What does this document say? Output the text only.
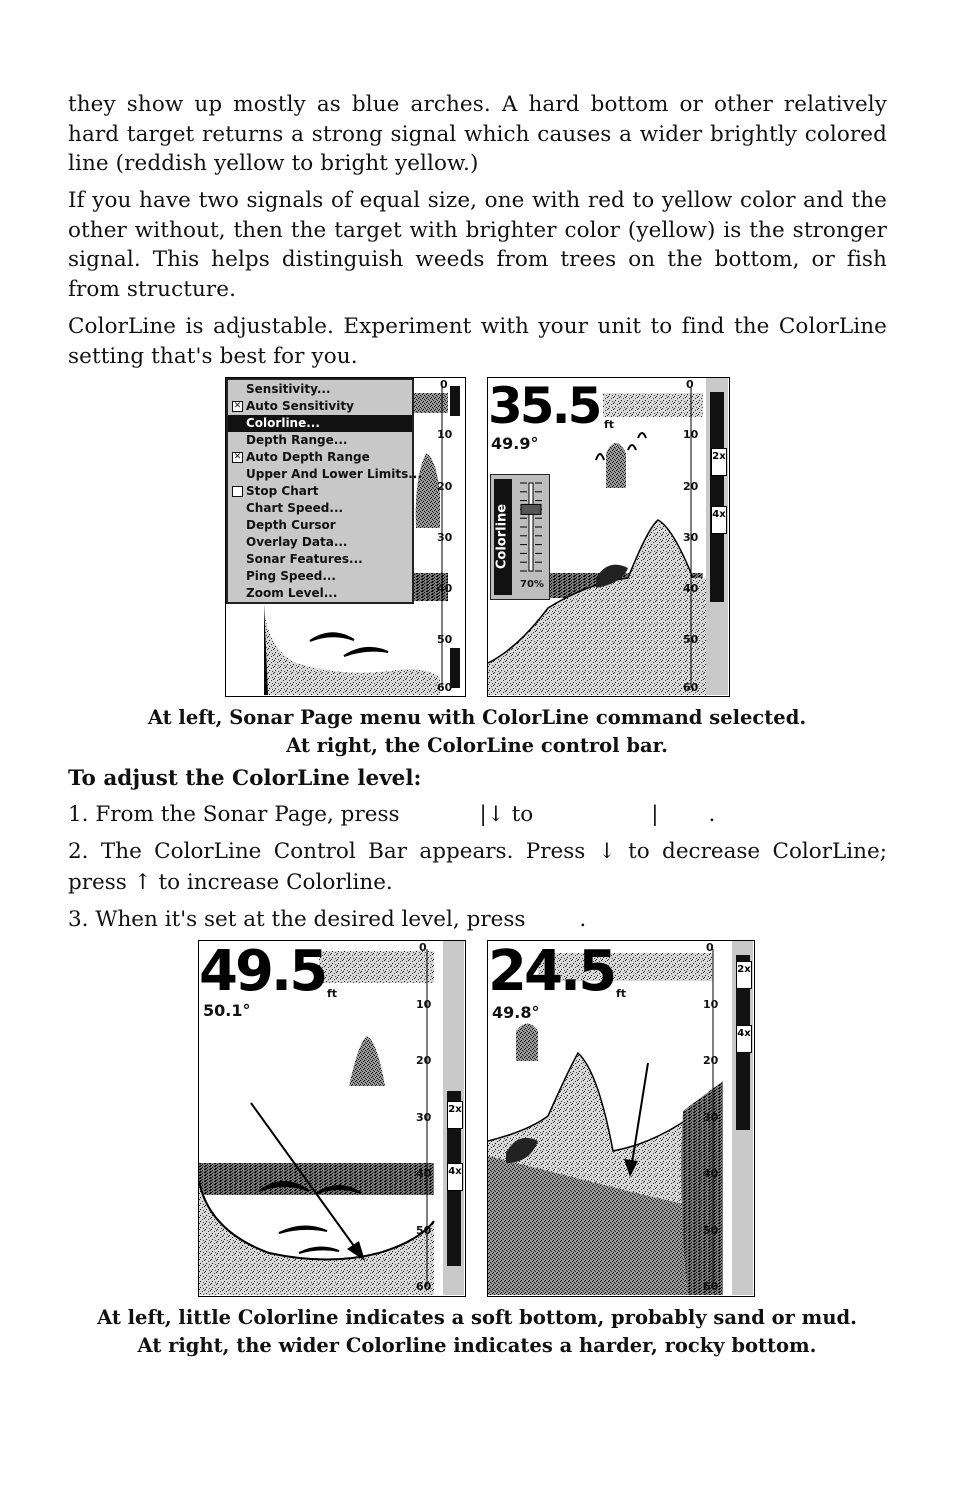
they show up mostly as blue arches. A hard bottom or other relatively hard target returns a strong signal which causes a wider brightly colored line (reddish yellow to bright yellow.)

If you have two signals of equal size, one with red to yellow color and the other without, then the target with brighter color (yellow) is the stronger signal. This helps distinguish weeds from trees on the bottom, or fish from structure.

ColorLine is adjustable. Experiment with your unit to find the ColorLine setting that's best for you.

0
10
20
30
40
50
60
Sensitivity...
✕ Auto Sensitivity
Colorline...
Depth Range...
✕ Auto Depth Range
Upper And Lower Limits...
Stop Chart
Chart Speed...
Depth Cursor
Overlay Data...
Sonar Features...
Ping Speed...
Zoom Level...
35.5 ft
49.9°
0
10
20
30
40
50
60
2x
4x
Colorline
70%

At left, Sonar Page menu with ColorLine command selected.

At right, the ColorLine control bar.

To adjust the ColorLine level:

1. From the Sonar Page, press	|↓ to	| .

2. The ColorLine Control Bar appears. Press ↓ to decrease ColorLine; press ↑ to increase Colorline.

3. When it's set at the desired level, press	.

49.5 ft
50.1°
0
10
20
30
40
50
60
2x
4x
24.5 ft
49.8°
0
10
20
30
40
50
60
2x
4x

At left, little Colorline indicates a soft bottom, probably sand or mud.

At right, the wider Colorline indicates a harder, rocky bottom.
